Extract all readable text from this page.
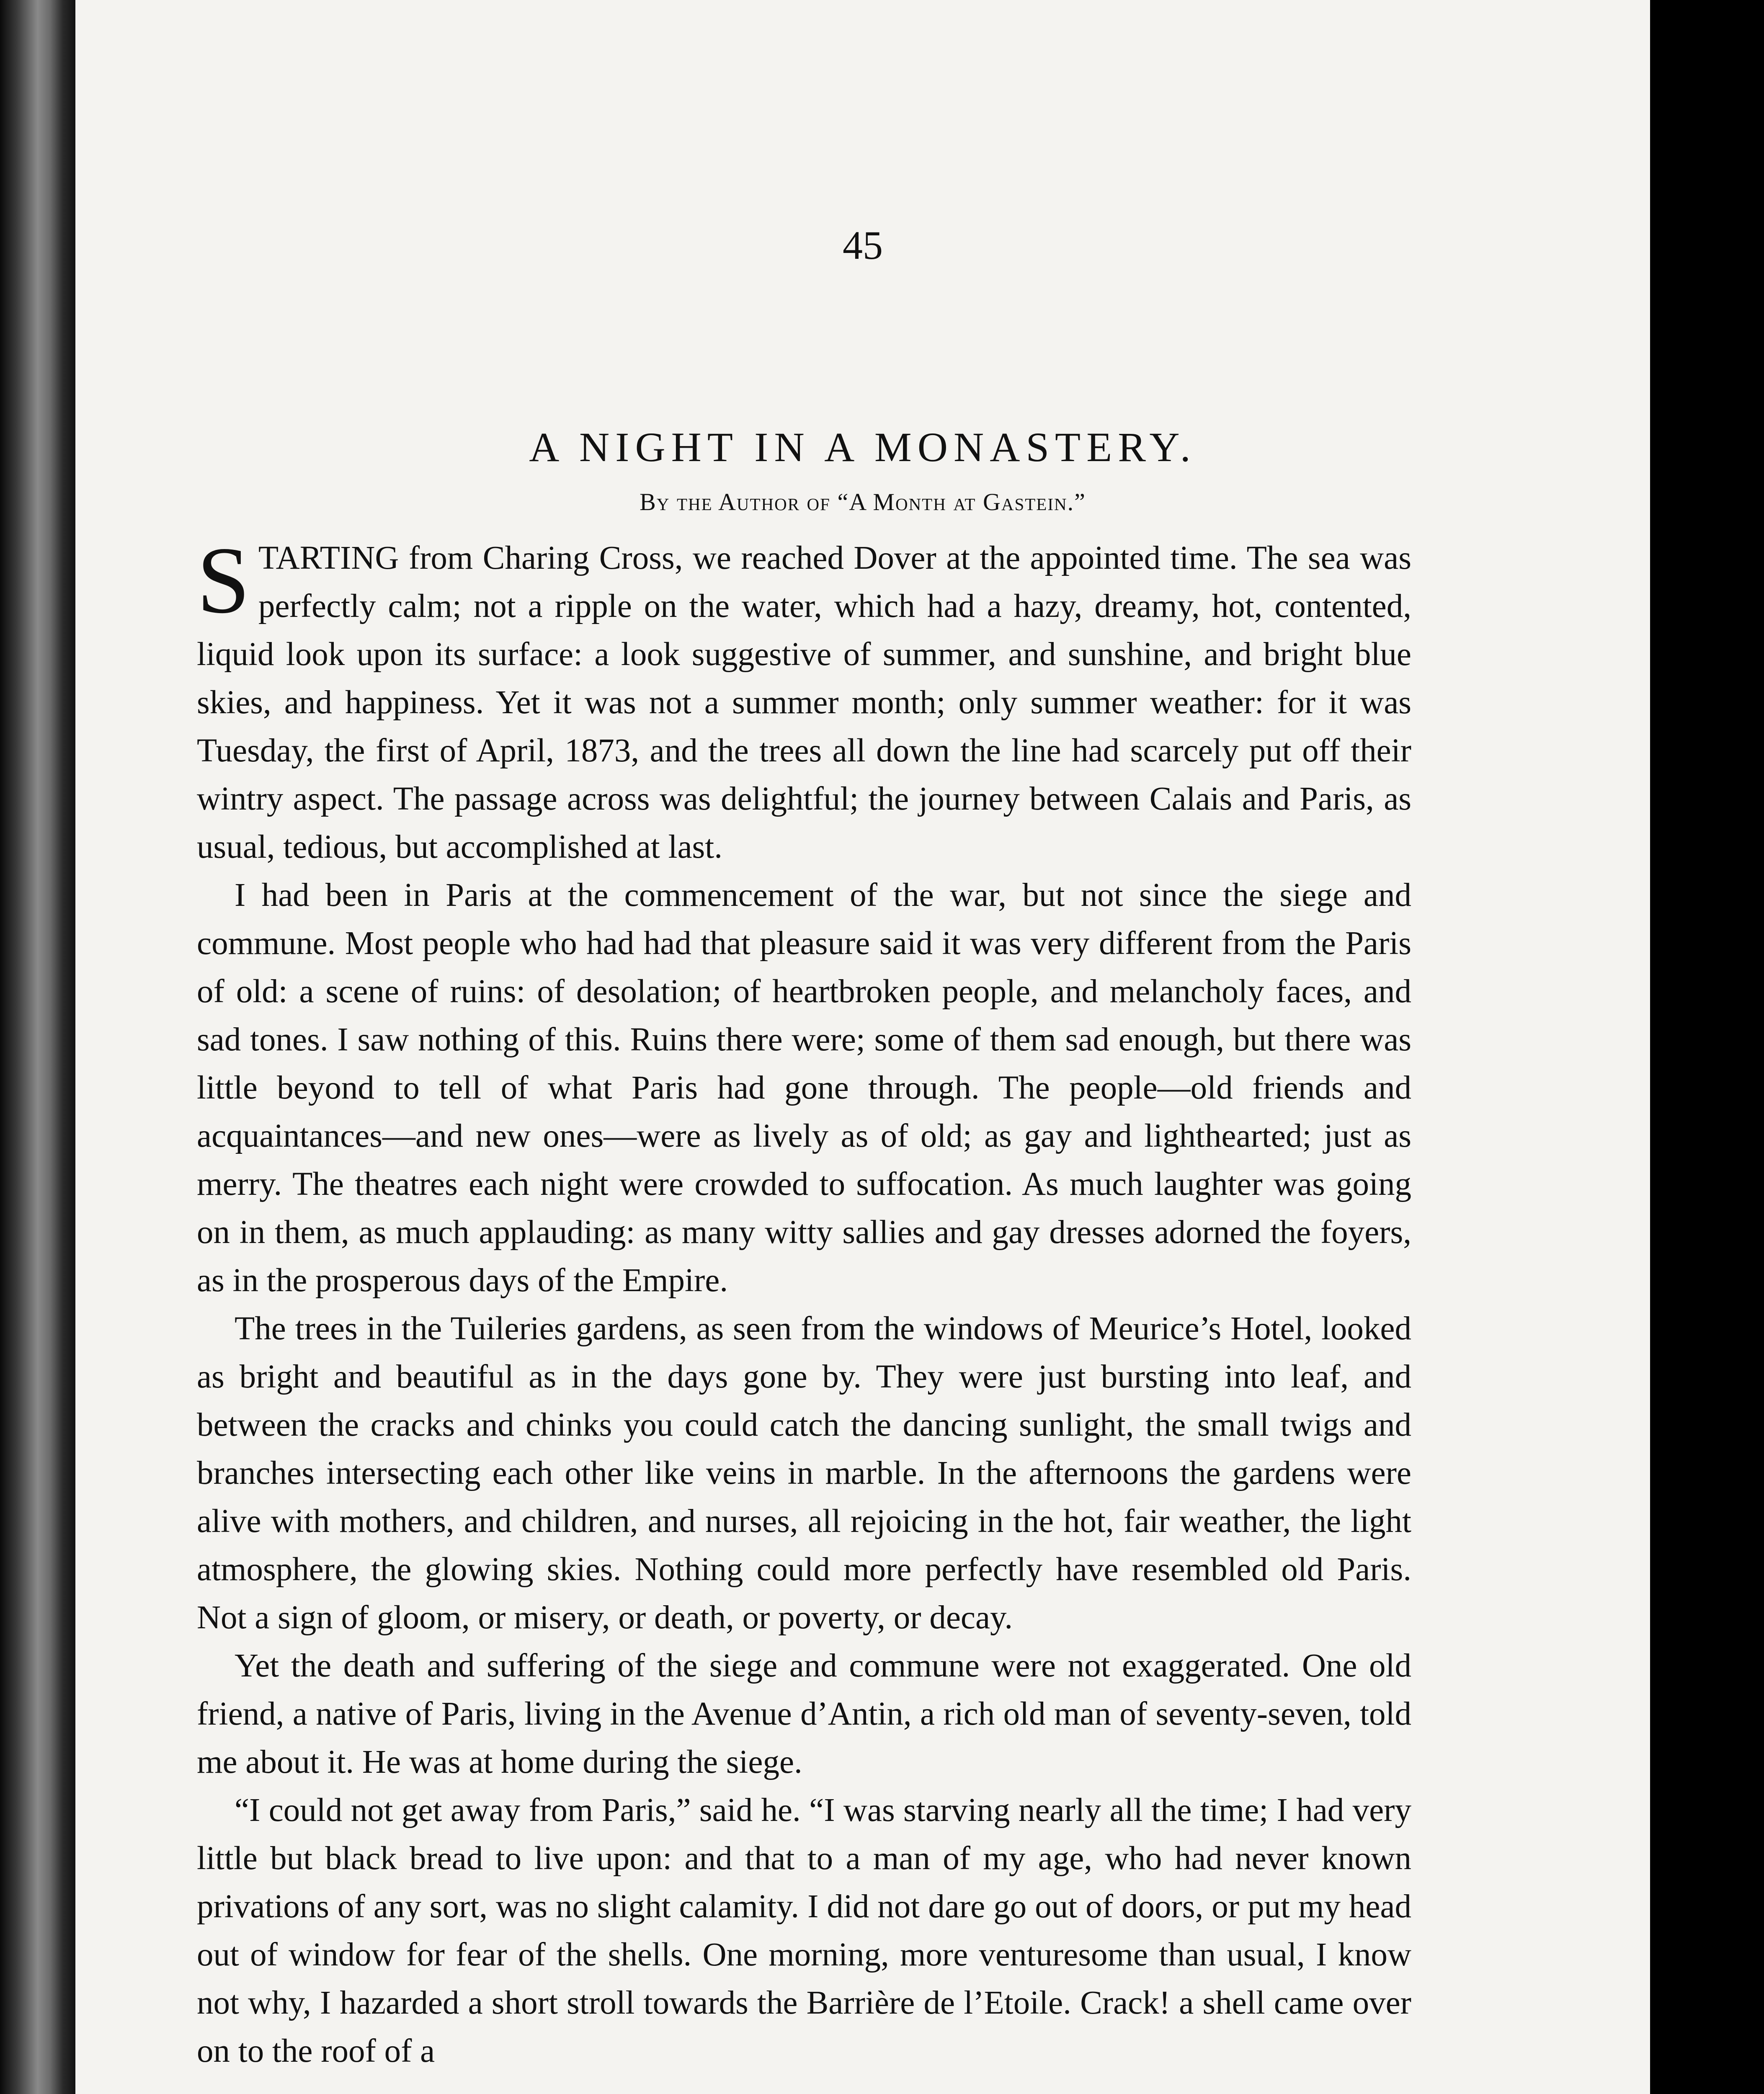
45
A NIGHT IN A MONASTERY.
By the Author of “A Month at Gastein.”

STARTING from Charing Cross, we reached Dover at the appointed time. The sea was perfectly calm; not a ripple on the water, which had a hazy, dreamy, hot, contented, liquid look upon its surface: a look suggestive of summer, and sunshine, and bright blue skies, and happiness. Yet it was not a summer month; only summer weather: for it was Tuesday, the first of April, 1873, and the trees all down the line had scarcely put off their wintry aspect. The passage across was delightful; the journey between Calais and Paris, as usual, tedious, but accomplished at last.

I had been in Paris at the commencement of the war, but not since the siege and commune. Most people who had had that pleasure said it was very different from the Paris of old: a scene of ruins: of desolation; of heartbroken people, and melancholy faces, and sad tones. I saw nothing of this. Ruins there were; some of them sad enough, but there was little beyond to tell of what Paris had gone through. The people—old friends and acquaintances—and new ones—were as lively as of old; as gay and lighthearted; just as merry. The theatres each night were crowded to suffocation. As much laughter was going on in them, as much applauding: as many witty sallies and gay dresses adorned the foyers, as in the prosperous days of the Empire.

The trees in the Tuileries gardens, as seen from the windows of Meurice’s Hotel, looked as bright and beautiful as in the days gone by. They were just bursting into leaf, and between the cracks and chinks you could catch the dancing sunlight, the small twigs and branches intersecting each other like veins in marble. In the afternoons the gardens were alive with mothers, and children, and nurses, all rejoicing in the hot, fair weather, the light atmosphere, the glowing skies. Nothing could more perfectly have resembled old Paris. Not a sign of gloom, or misery, or death, or poverty, or decay.

Yet the death and suffering of the siege and commune were not exaggerated. One old friend, a native of Paris, living in the Avenue d’Antin, a rich old man of seventy-seven, told me about it. He was at home during the siege.

“I could not get away from Paris,” said he. “I was starving nearly all the time; I had very little but black bread to live upon: and that to a man of my age, who had never known privations of any sort, was no slight calamity. I did not dare go out of doors, or put my head out of window for fear of the shells. One morning, more venturesome than usual, I know not why, I hazarded a short stroll towards the Barrière de l’Etoile. Crack! a shell came over on to the roof of a
